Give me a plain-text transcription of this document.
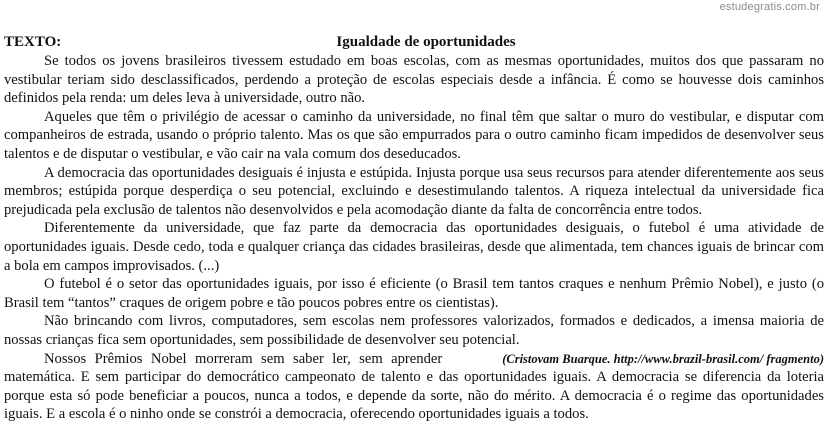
estudegratis.com.br
TEXTO:	Igualdade de oportunidades

Se todos os jovens brasileiros tivessem estudado em boas escolas, com as mesmas oportunidades, muitos dos que passaram no vestibular teriam sido desclassificados, perdendo a proteção de escolas especiais desde a infância. É como se houvesse dois caminhos definidos pela renda: um deles leva à universidade, outro não.

Aqueles que têm o privilégio de acessar o caminho da universidade, no final têm que saltar o muro do vestibular, e disputar com companheiros de estrada, usando o próprio talento. Mas os que são empurrados para o outro caminho ficam impedidos de desenvolver seus talentos e de disputar o vestibular, e vão cair na vala comum dos deseducados.

A democracia das oportunidades desiguais é injusta e estúpida. Injusta porque usa seus recursos para atender diferentemente aos seus membros; estúpida porque desperdiça o seu potencial, excluindo e desestimulando talentos. A riqueza intelectual da universidade fica prejudicada pela exclusão de talentos não desenvolvidos e pela acomodação diante da falta de concorrência entre todos.

Diferentemente da universidade, que faz parte da democracia das oportunidades desiguais, o futebol é uma atividade de oportunidades iguais. Desde cedo, toda e qualquer criança das cidades brasileiras, desde que alimentada, tem chances iguais de brincar com a bola em campos improvisados. (...)

O futebol é o setor das oportunidades iguais, por isso é eficiente (o Brasil tem tantos craques e nenhum Prêmio Nobel), e justo (o Brasil tem “tantos” craques de origem pobre e tão poucos pobres entre os cientistas).

Não brincando com livros, computadores, sem escolas nem professores valorizados, formados e dedicados, a imensa maioria de nossas crianças fica sem oportunidades, sem possibilidade de desenvolver seu potencial.

(Cristovam Buarque. http://www.brazil-brasil.com/ fragmento)
Nossos Prêmios Nobel morreram sem saber ler, sem aprender matemática. E sem participar do democrático campeonato de talento e das oportunidades iguais. A democracia se diferencia da loteria porque esta só pode beneficiar a poucos, nunca a todos, e depende da sorte, não do mérito. A democracia é o regime das oportunidades iguais. E a escola é o ninho onde se constrói a democracia, oferecendo oportunidades iguais a todos.
